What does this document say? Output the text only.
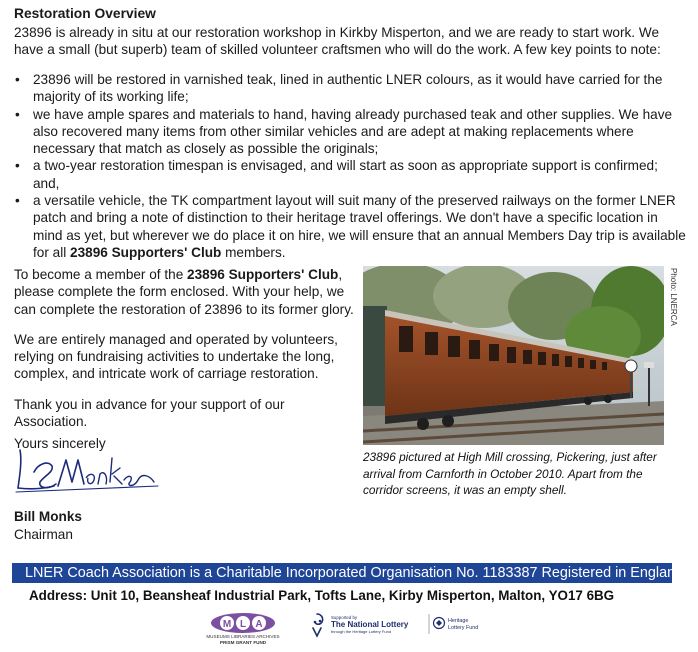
Restoration Overview
23896 is already in situ at our restoration workshop in Kirkby Misperton, and we are ready to start work. We have a small (but superb) team of skilled volunteer craftsmen who will do the work. A few key points to note:
• 23896 will be restored in varnished teak, lined in authentic LNER colours, as it would have carried for the majority of its working life;
• we have ample spares and materials to hand, having already purchased teak and other supplies. We have also recovered many items from other similar vehicles and are adept at making replacements where necessary that match as closely as possible the originals;
• a two-year restoration timespan is envisaged, and will start as soon as appropriate support is confirmed; and,
• a versatile vehicle, the TK compartment layout will suit many of the preserved railways on the former LNER patch and bring a note of distinction to their heritage travel offerings. We don't have a specific location in mind as yet, but wherever we do place it on hire, we will ensure that an annual Members Day trip is available for all 23896 Supporters' Club members.

To become a member of the 23896 Supporters' Club, please complete the form enclosed. With your help, we can complete the restoration of 23896 to its former glory.

We are entirely managed and operated by volunteers, relying on fundraising activities to undertake the long, complex, and intricate work of carriage restoration.

Thank you in advance for your support of our Association.

Yours sincerely
Photo: LNERCA
23896 pictured at High Mill crossing, Pickering, just after arrival from Carnforth in October 2010. Apart from the corridor screens, it was an empty shell.
Bill Monks
Chairman
LNER Coach Association is a Charitable Incorporated Organisation No. 1183387 Registered in England
Address: Unit 10, Beansheaf Industrial Park, Tofts Lane, Kirby Misperton, Malton, YO17 6BG
M L A
MUSEUMS LIBRARIES ARCHIVES
PRISM GRANT FUND
Supported by
The National Lottery
through the Heritage Lottery Fund
Heritage
Lottery Fund
